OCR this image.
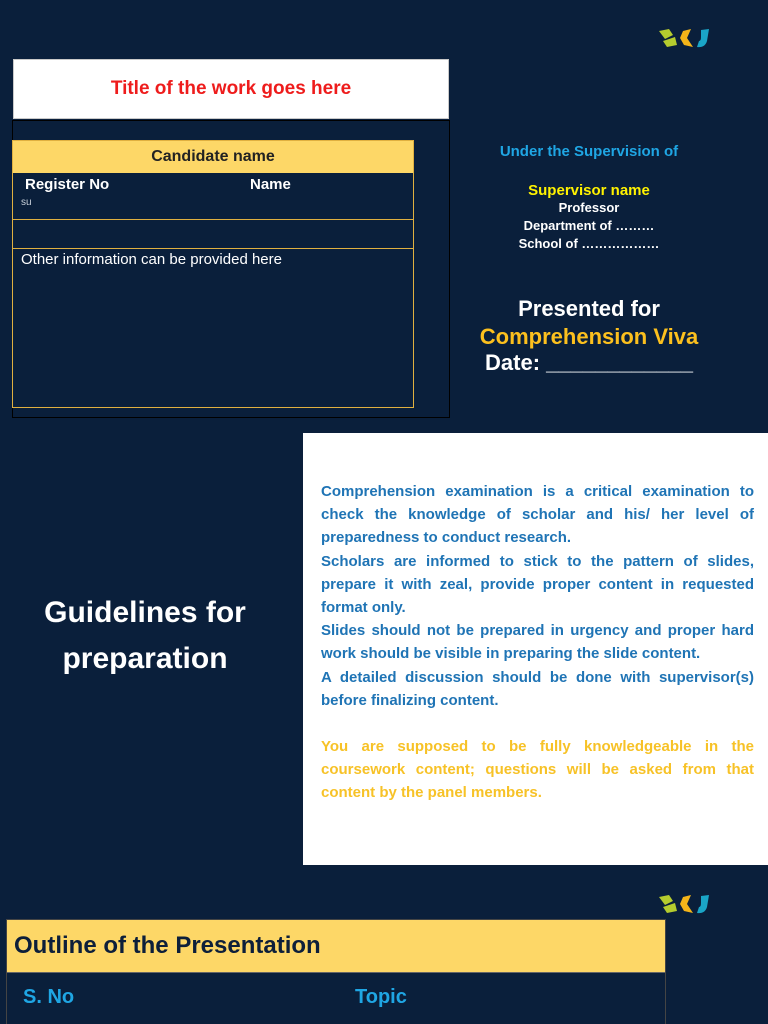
Title of the work goes here
Candidate name
Register No	Name
su
Other information can be provided here
Under the Supervision of
Supervisor name
Professor
Department of ………
School of ………………
Presented for
Comprehension Viva
Date: ____________
Guidelines for preparation

Comprehension examination is a critical examination to check the knowledge of scholar and his/ her level of preparedness to conduct research.

Scholars are informed to stick to the pattern of slides, prepare it with zeal, provide proper content in requested format only.

Slides should not be prepared in urgency and proper hard work should be visible in preparing the slide content.

A detailed discussion should be done with supervisor(s) before finalizing content.

You are supposed to be fully knowledgeable in the coursework content; questions will be asked from that content by the panel members.

Outline of the Presentation
S. No	Topic
